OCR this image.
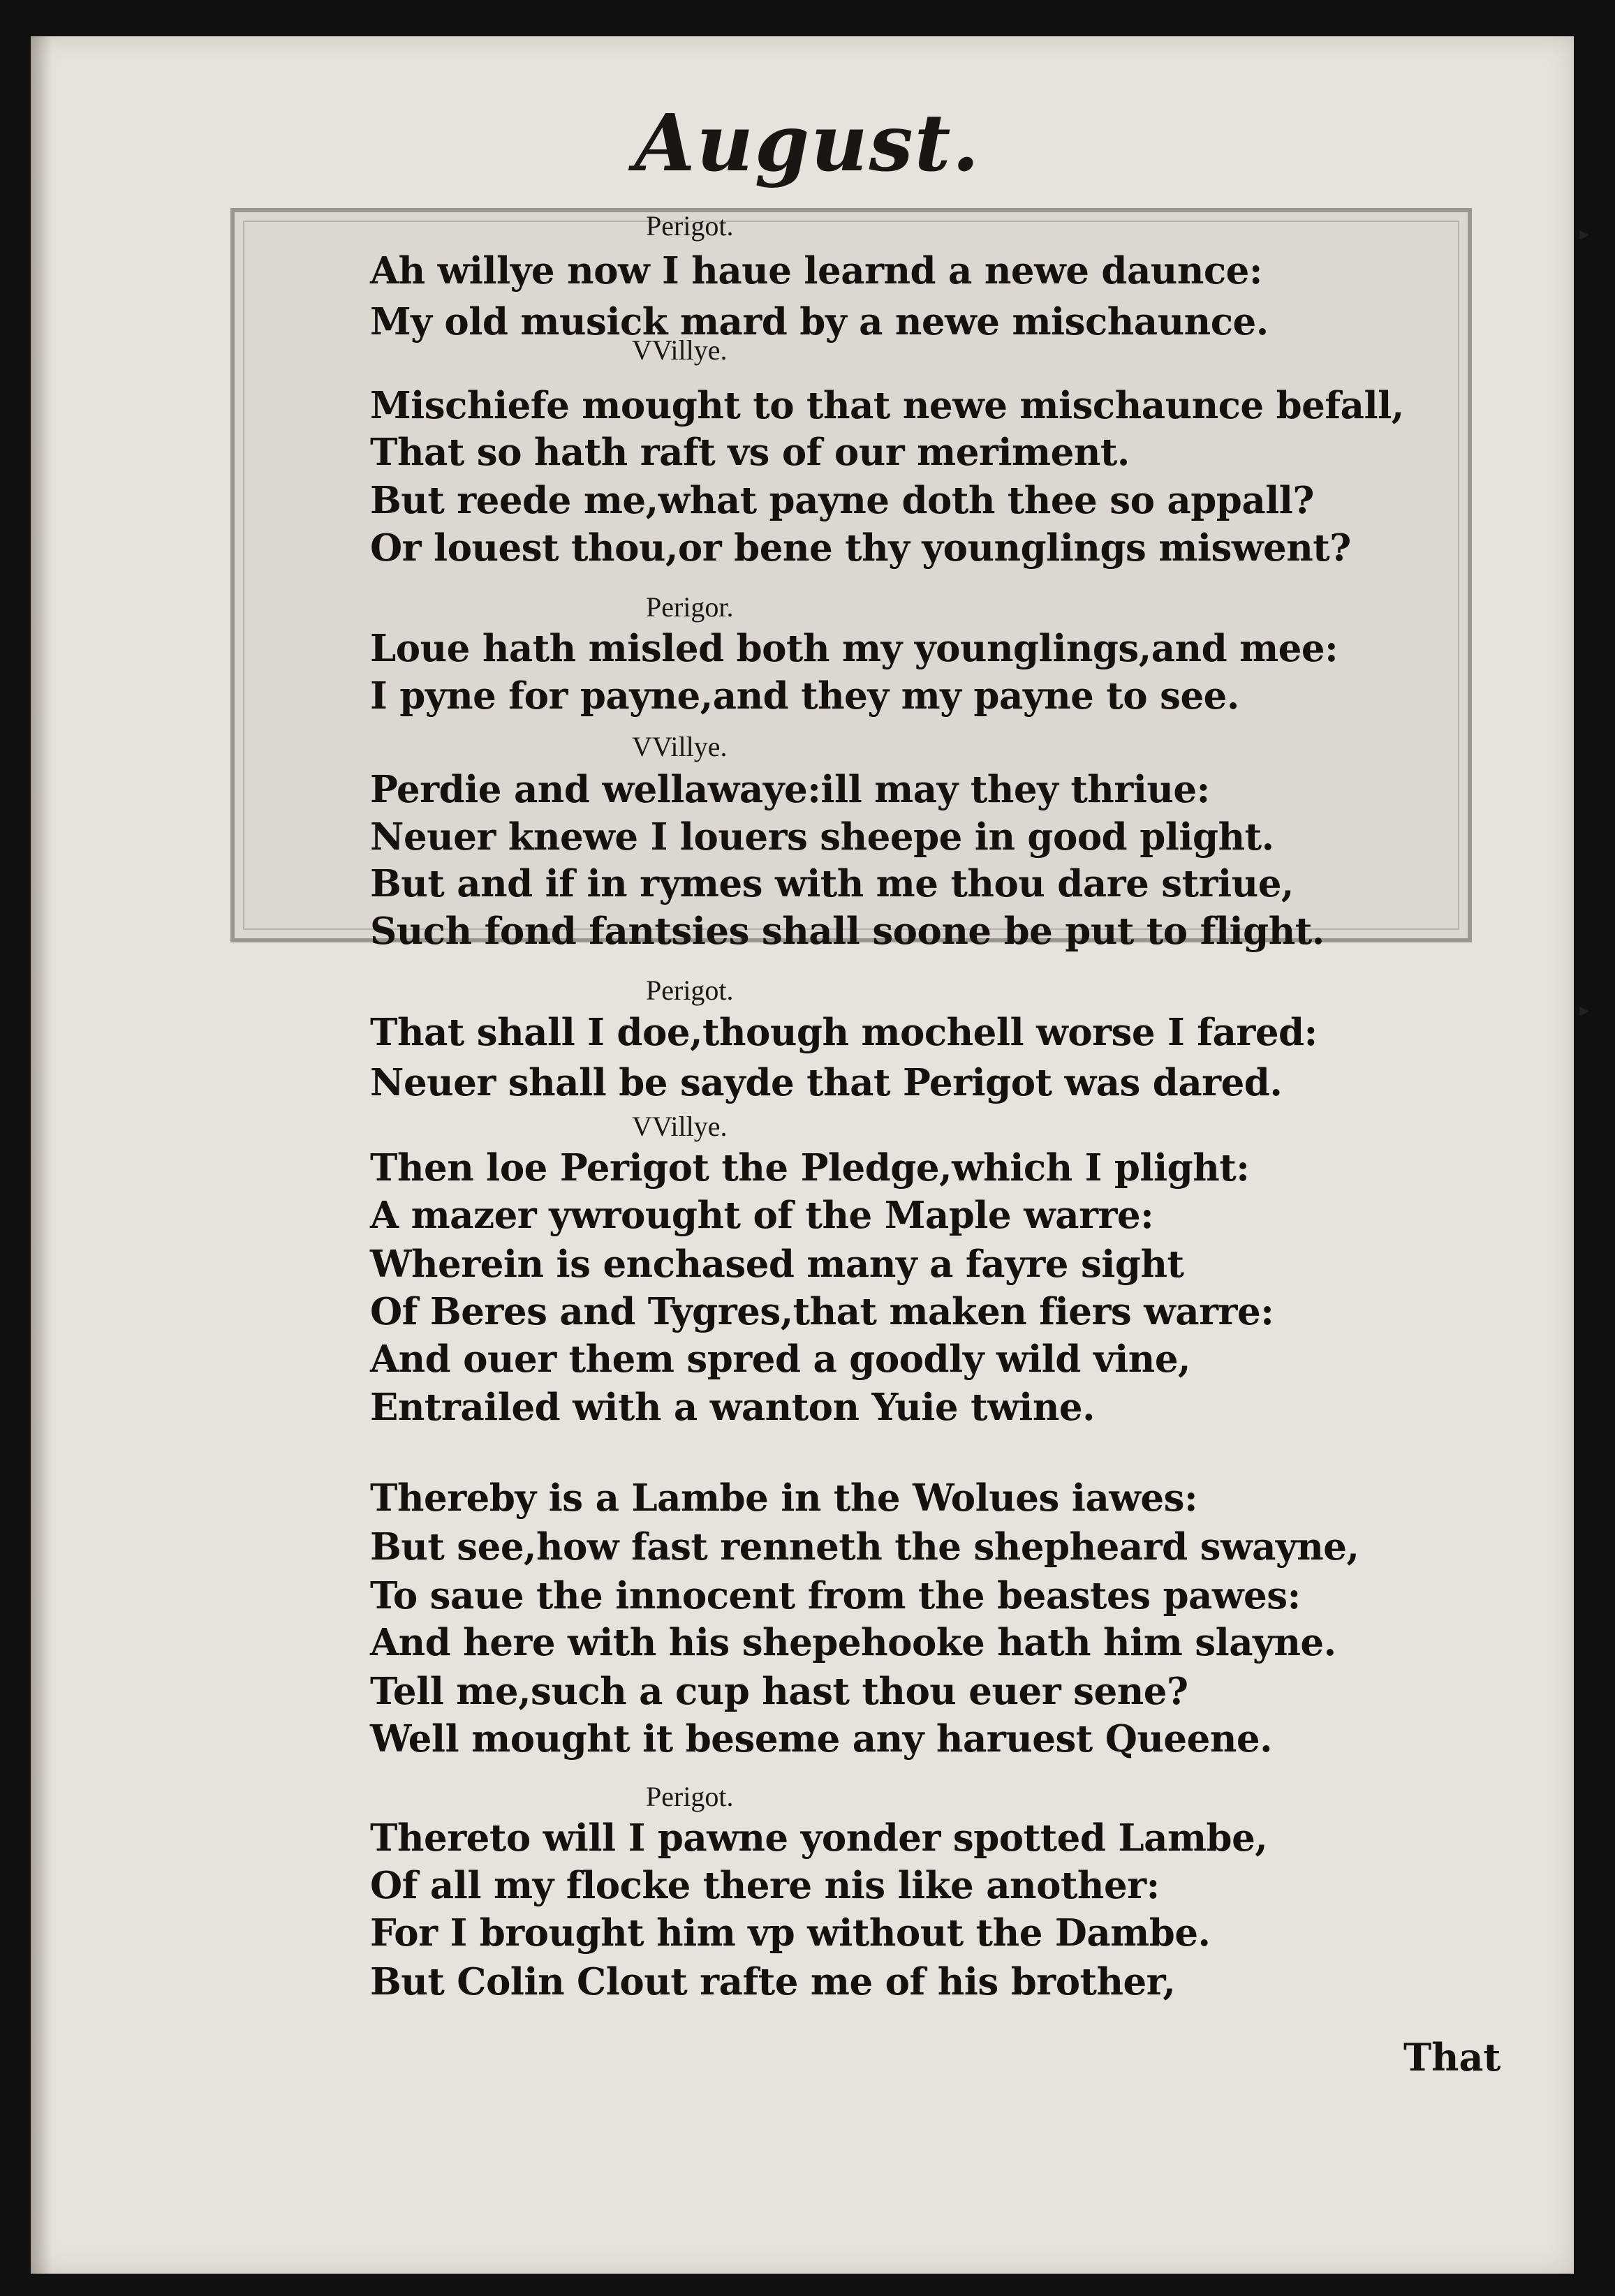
August.
▸
▸
Perigot.
Ah willye now I haue learnd a newe daunce:
My old musick mard by a newe mischaunce.
VVillye.
Mischiefe mought to that newe mischaunce befall,
That so hath raft vs of our meriment.
But reede me,what payne doth thee so appall?
Or louest thou,or bene thy younglings miswent?
Perigor.
Loue hath misled both my younglings,and mee:
I pyne for payne,and they my payne to see.
VVillye.
Perdie and wellawaye:ill may they thriue:
Neuer knewe I louers sheepe in good plight.
But and if in rymes with me thou dare striue,
Such fond fantsies shall soone be put to flight.
Perigot.
That shall I doe,though mochell worse I fared:
Neuer shall be sayde that Perigot was dared.
VVillye.
Then loe Perigot the Pledge,which I plight:
A mazer ywrought of the Maple warre:
Wherein is enchased many a fayre sight
Of Beres and Tygres,that maken fiers warre:
And ouer them spred a goodly wild vine,
Entrailed with a wanton Yuie twine.
Thereby is a Lambe in the Wolues iawes:
But see,how fast renneth the shepheard swayne,
To saue the innocent from the beastes pawes:
And here with his shepehooke hath him slayne.
Tell me,such a cup hast thou euer sene?
Well mought it beseme any haruest Queene.
Perigot.
Thereto will I pawne yonder spotted Lambe,
Of all my flocke there nis like another:
For I brought him vp without the Dambe.
But Colin Clout rafte me of his brother,
That
